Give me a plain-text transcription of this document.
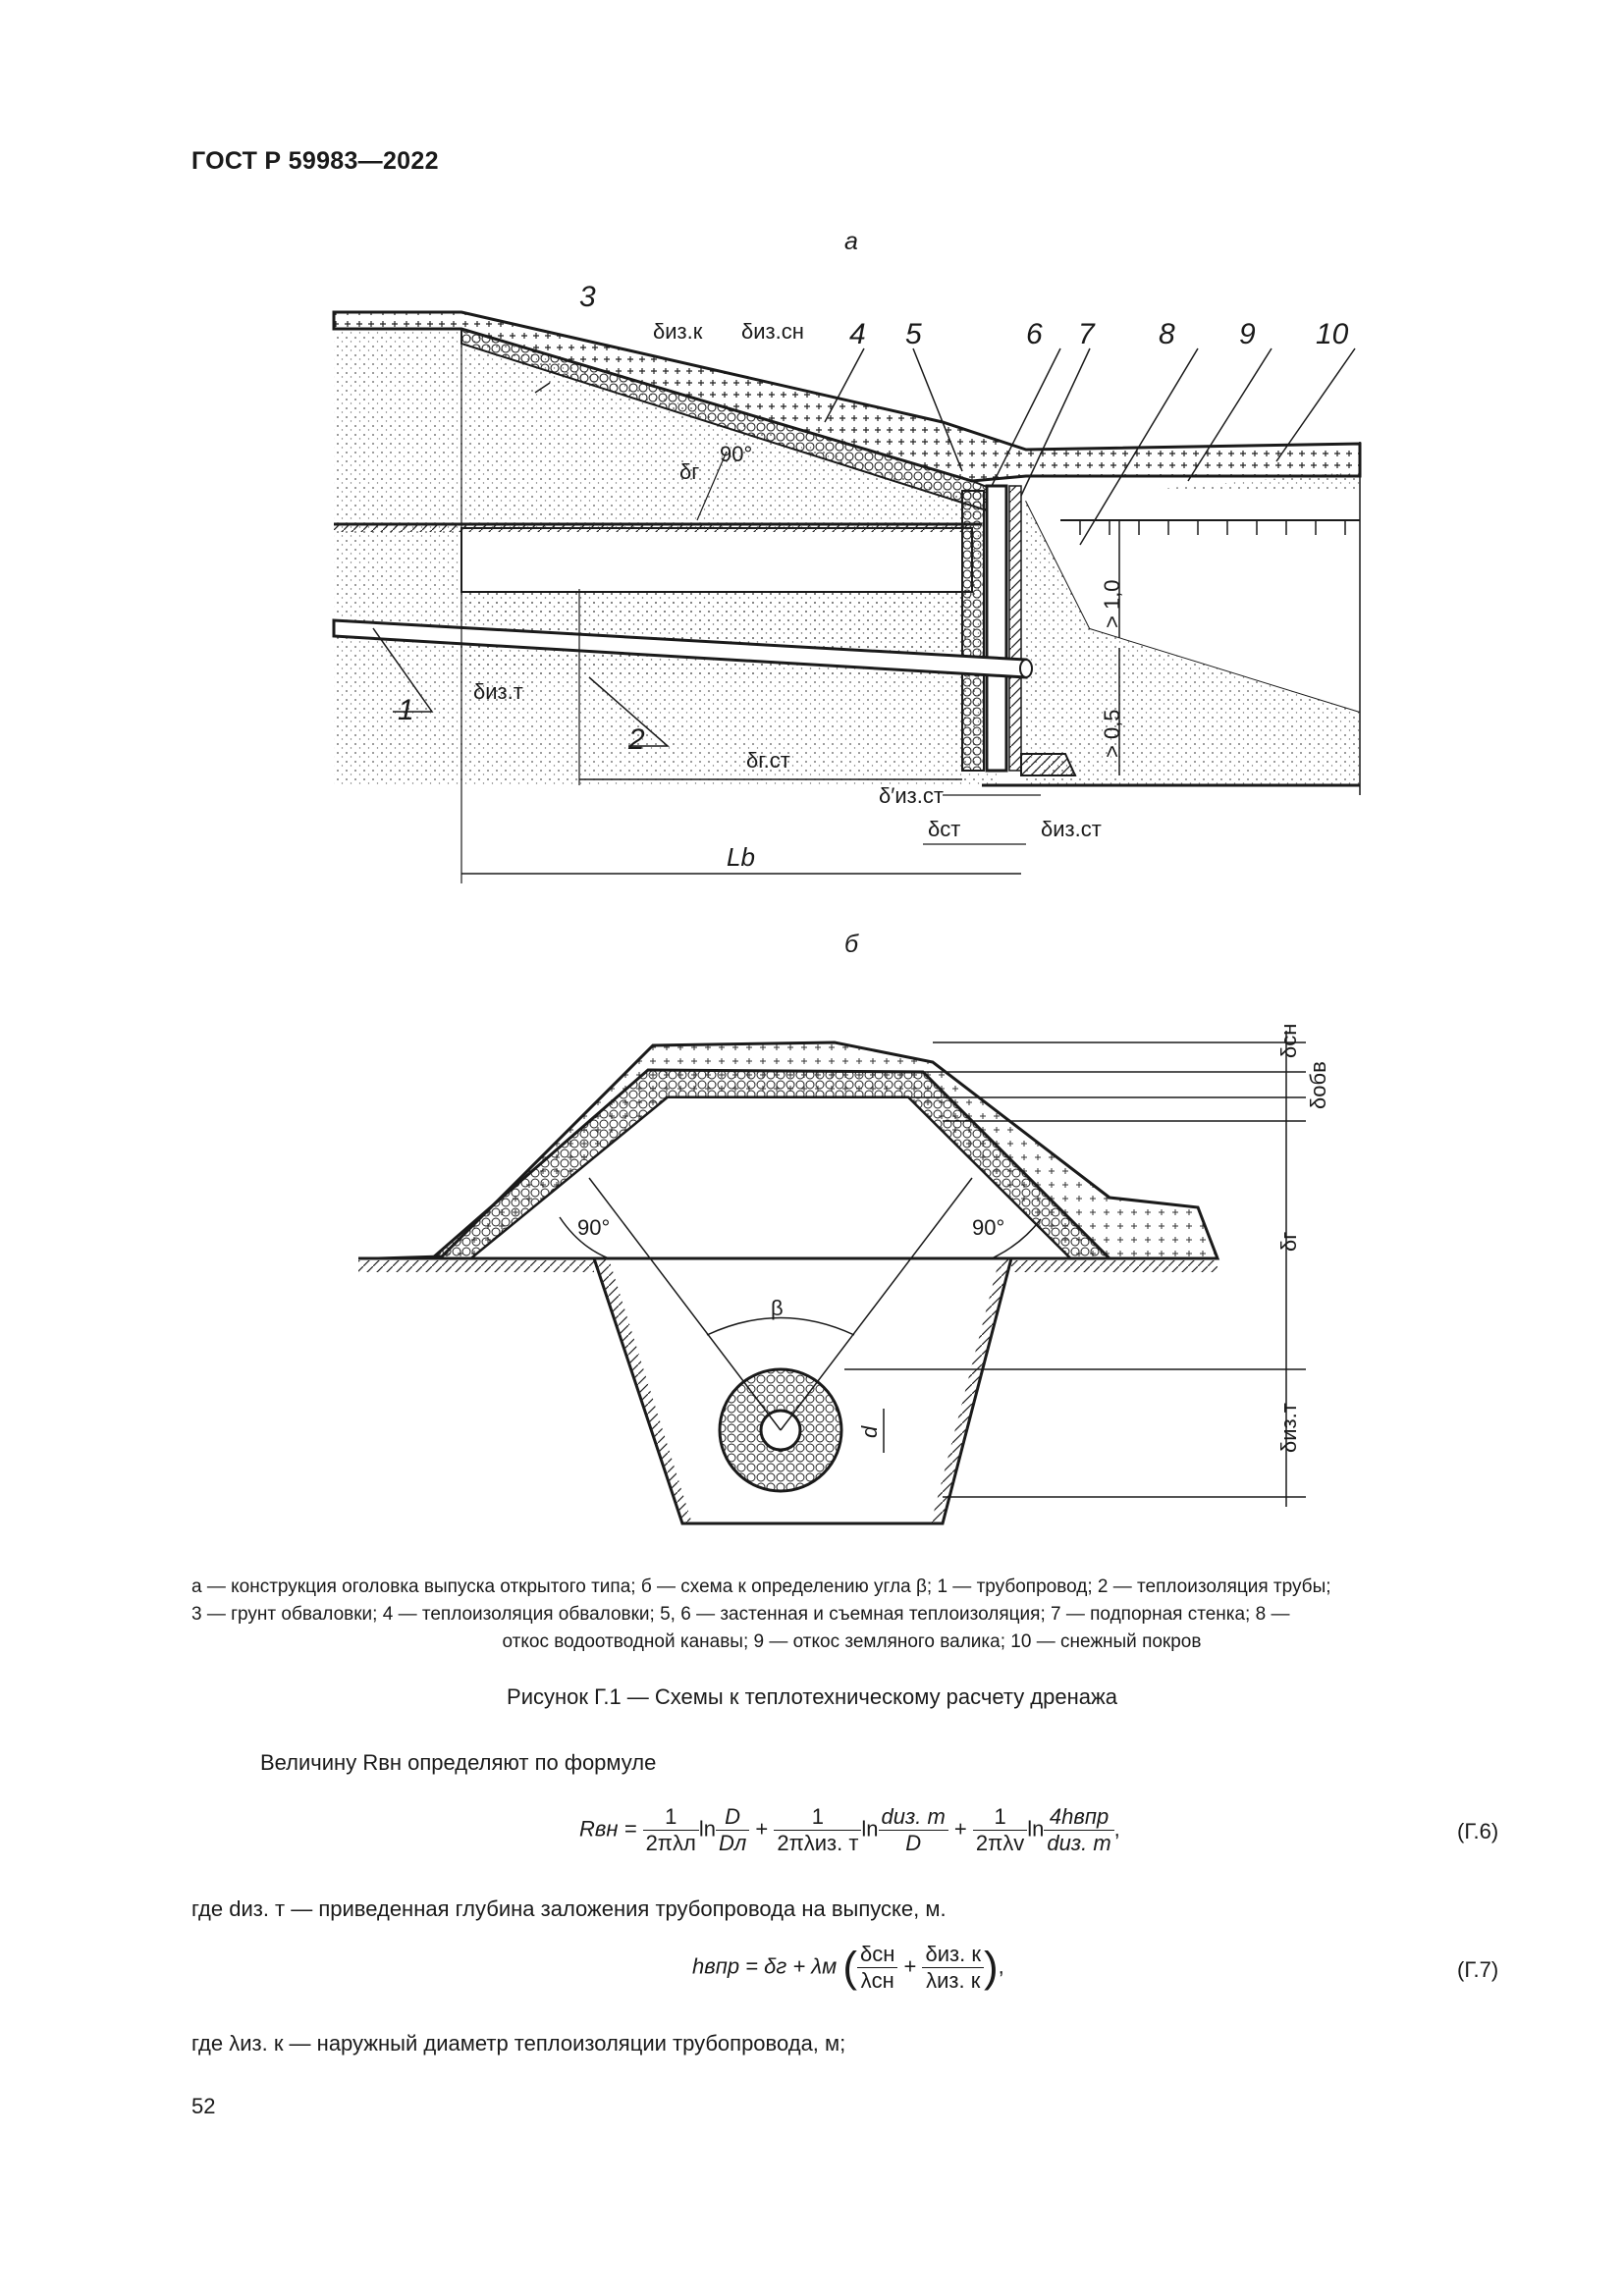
ГОСТ Р 59983—2022
а
1
2
3
4 5	6 7 8 9 10
δиз.к δиз.сн
δг
90°
δиз.т
δг.ст
δ′из.ст
δст	δиз.ст
Lb
> 1,0
> 0,5
б
δсн
δобв
δг
δиз.т
d
β
90°	90°

а — конструкция оголовка выпуска открытого типа; б — схема к определению угла β; 1 — трубопровод; 2 — теплоизоляция трубы;

3 — грунт обваловки; 4 — теплоизоляция обваловки; 5, 6 — застенная и съемная теплоизоляция; 7 — подпорная стенка; 8 —

откос водоотводной канавы; 9 — откос земляного валика; 10 — снежный покров

Рисунок Г.1 — Схемы к теплотехническому расчету дренажа
Величину Rвн определяют по формуле
Rвн = $\frac{1}{\text{2πλл}}$ $\ln \frac{D}{Dл} + \frac{1}{\text{2πλиз. т}}$ $\ln \frac{\text{dиз. т}}{D} + \frac{1}{\text{2πλv}}$ $\ln \frac{\text{4hвпр}}{\text{dиз. т}}$ ,	(Г.6)
где dиз. т — приведенная глубина заложения трубопровода на выпуске, м.
hвпр = δг + λм ( $\frac{\text{δсн}}{\text{λсн}} + \frac{\text{δиз. к}}{\text{λиз. к}}$ ),	(Г.7)
где λиз. к — наружный диаметр теплоизоляции трубопровода, м;
52
